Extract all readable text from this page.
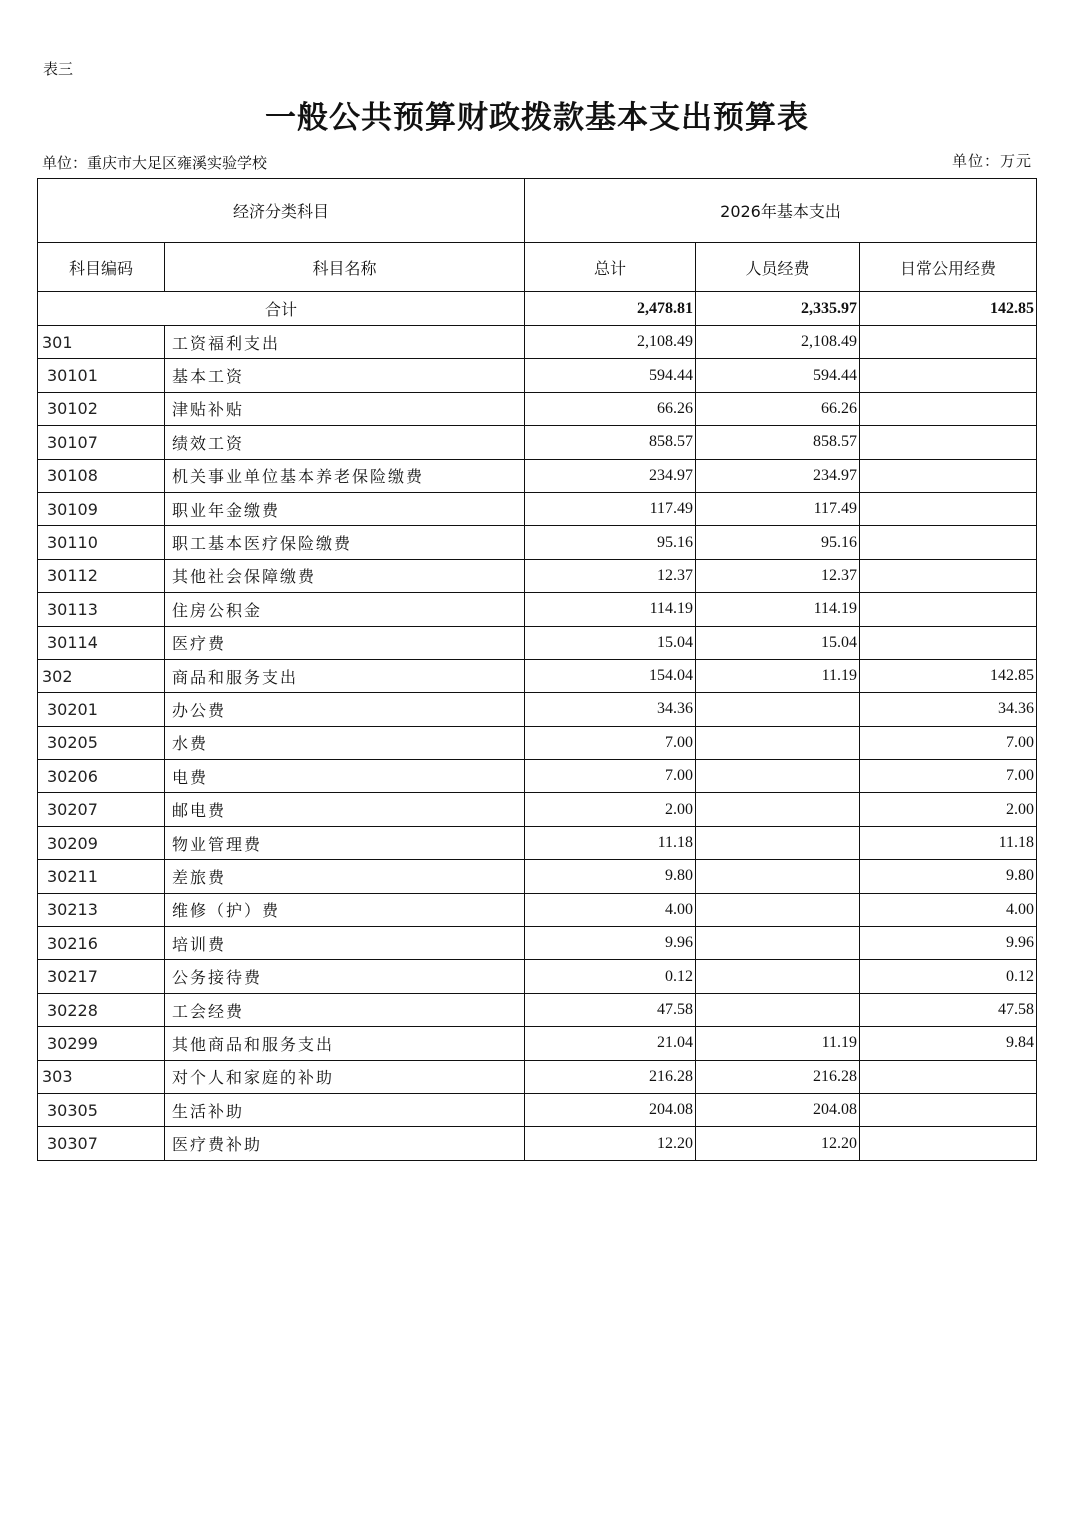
表三
一般公共预算财政拨款基本支出预算表
单位：重庆市大足区雍溪实验学校	单位：万元
经济分类科目		2026年基本支出		
科目编码	科目名称	总计	人员经费	日常公用经费
合计		2,478.81	2,335.97	142.85
301	工资福利支出	2,108.49	2,108.49	
30101	基本工资	594.44	594.44	
30102	津贴补贴	66.26	66.26	
30107	绩效工资	858.57	858.57	
30108	机关事业单位基本养老保险缴费	234.97	234.97	
30109	职业年金缴费	117.49	117.49	
30110	职工基本医疗保险缴费	95.16	95.16	
30112	其他社会保障缴费	12.37	12.37	
30113	住房公积金	114.19	114.19	
30114	医疗费	15.04	15.04	
302	商品和服务支出	154.04	11.19	142.85
30201	办公费	34.36		34.36
30205	水费	7.00		7.00
30206	电费	7.00		7.00
30207	邮电费	2.00		2.00
30209	物业管理费	11.18		11.18
30211	差旅费	9.80		9.80
30213	维修（护）费	4.00		4.00
30216	培训费	9.96		9.96
30217	公务接待费	0.12		0.12
30228	工会经费	47.58		47.58
30299	其他商品和服务支出	21.04	11.19	9.84
303	对个人和家庭的补助	216.28	216.28	
30305	生活补助	204.08	204.08	
30307	医疗费补助	12.20	12.20	
